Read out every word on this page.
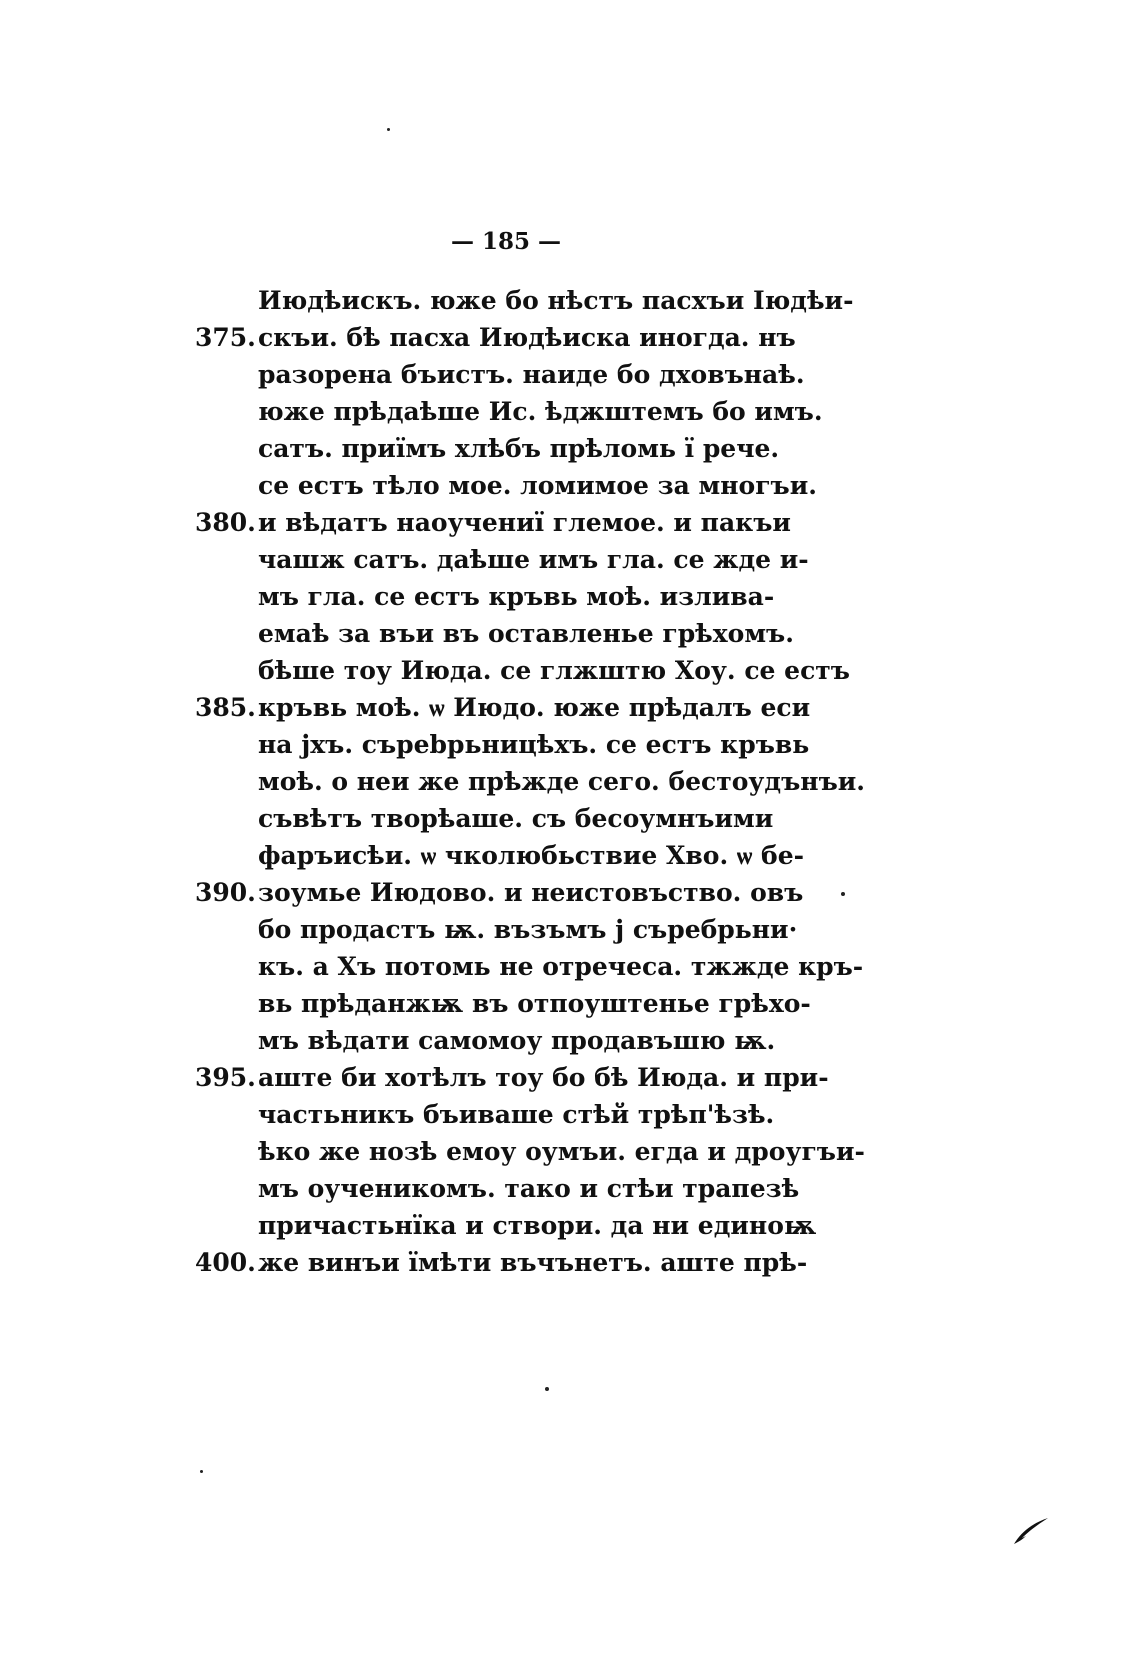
— 185 —
Июдѣискъ. юже бо нѣстъ пасхъи Іюдѣи-
375. скъи. бѣ пасха Июдѣиска иногда. нъ
разорена бъистъ. наиде бо дховънаѣ.
юже прѣдаѣше Ис. ѣджштемъ бо имъ.
сатъ. приїмъ хлѣбъ прѣломь ї рече.
се естъ тѣло мое. ломимое за многъи.
380. и вѣдатъ наоучениї глемое. и пакъи
чашж сатъ. даѣше имъ гла. се жде и-
мъ гла. се естъ кръвь моѣ. излива-
емаѣ за въи въ оставленье грѣхомъ.
бѣше тоу Июда. се глжштю Хоу. се естъ
385. кръвь моѣ. ѡ Июдо. юже прѣдалъ еси
на јхъ. сърebрьницѣхъ. се естъ кръвь
моѣ. о неи же прѣжде сего. бестоудънъи.
съвѣтъ творѣаше. съ бесоумнъими
фаръисѣи. ѡ чколюбьствие Хво. ѡ бе-
390. зоумье Июдово. и неистовъство. овъ
бо продастъ ѭ. възъмъ ј сърeбрьни·
къ. а Хъ потомь не отречеса. тжжде кръ-
вь прѣданжѭ въ отпоуштенье грѣхо-
мъ вѣдати самомоу продавъшю ѭ.
395. аште би хотѣлъ тоу бо бѣ Июда. и при-
частьникъ бъиваше стѣй трѣп'ѣзѣ.
ѣко же нозѣ емоу оумъи. егда и дроугъи-
мъ оученикомъ. тако и стѣи трапезѣ
причастьнїка и створи. да ни единоѭ
400. же винъи їмѣти въчънетъ. аште прѣ-
